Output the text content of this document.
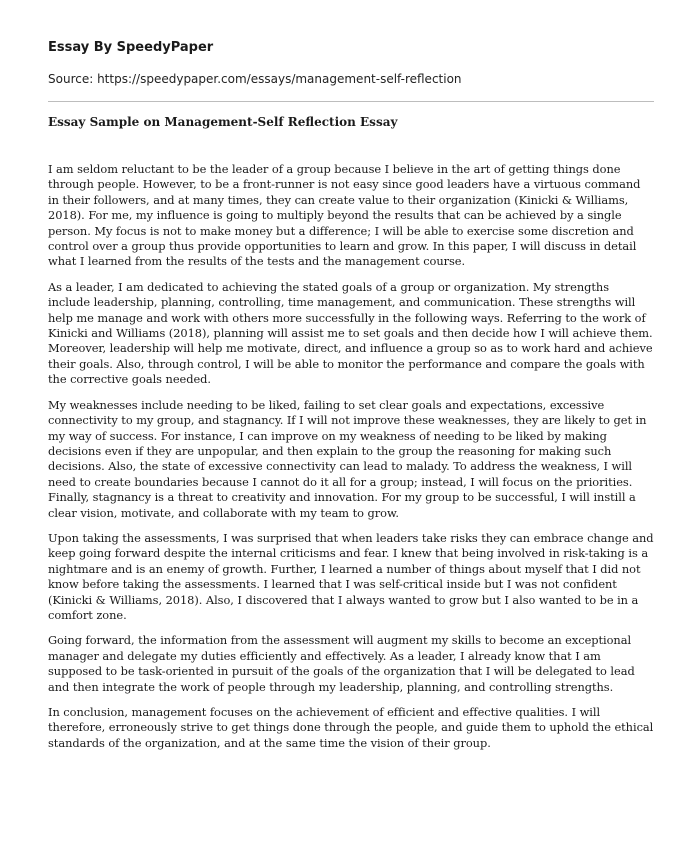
Essay By SpeedyPaper
Source: https://speedypaper.com/essays/management-self-reflection
Essay Sample on Management-Self Reflection Essay

I am seldom reluctant to be the leader of a group because I believe in the art of getting things done through people. However, to be a front-runner is not easy since good leaders have a virtuous command in their followers, and at many times, they can create value to their organization (Kinicki & Williams, 2018). For me, my influence is going to multiply beyond the results that can be achieved by a single person. My focus is not to make money but a difference; I will be able to exercise some discretion and control over a group thus provide opportunities to learn and grow. In this paper, I will discuss in detail what I learned from the results of the tests and the management course.

As a leader, I am dedicated to achieving the stated goals of a group or organization. My strengths include leadership, planning, controlling, time management, and communication. These strengths will help me manage and work with others more successfully in the following ways. Referring to the work of Kinicki and Williams (2018), planning will assist me to set goals and then decide how I will achieve them. Moreover, leadership will help me motivate, direct, and influence a group so as to work hard and achieve their goals. Also, through control, I will be able to monitor the performance and compare the goals with the corrective goals needed.

My weaknesses include needing to be liked, failing to set clear goals and expectations, excessive connectivity to my group, and stagnancy. If I will not improve these weaknesses, they are likely to get in my way of success. For instance, I can improve on my weakness of needing to be liked by making decisions even if they are unpopular, and then explain to the group the reasoning for making such decisions. Also, the state of excessive connectivity can lead to malady. To address the weakness, I will need to create boundaries because I cannot do it all for a group; instead, I will focus on the priorities. Finally, stagnancy is a threat to creativity and innovation. For my group to be successful, I will instill a clear vision, motivate, and collaborate with my team to grow.

Upon taking the assessments, I was surprised that when leaders take risks they can embrace change and keep going forward despite the internal criticisms and fear. I knew that being involved in risk-taking is a nightmare and is an enemy of growth. Further, I learned a number of things about myself that I did not know before taking the assessments. I learned that I was self-critical inside but I was not confident (Kinicki & Williams, 2018). Also, I discovered that I always wanted to grow but I also wanted to be in a comfort zone.

Going forward, the information from the assessment will augment my skills to become an exceptional manager and delegate my duties efficiently and effectively. As a leader, I already know that I am supposed to be task-oriented in pursuit of the goals of the organization that I will be delegated to lead and then integrate the work of people through my leadership, planning, and controlling strengths.

In conclusion, management focuses on the achievement of efficient and effective qualities. I will therefore, erroneously strive to get things done through the people, and guide them to uphold the ethical standards of the organization, and at the same time the vision of their group.
